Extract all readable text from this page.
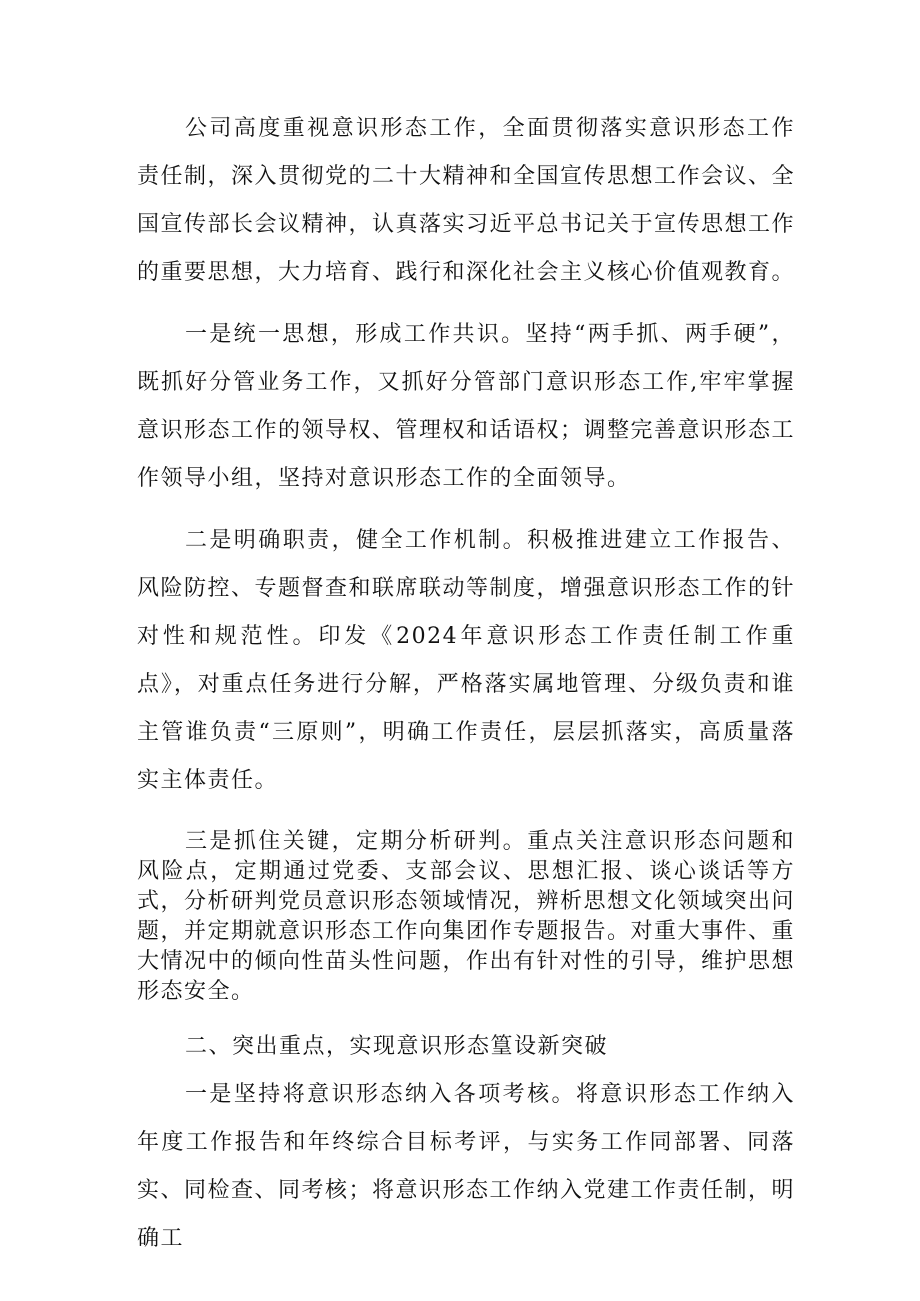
公司高度重视意识形态工作，全面贯彻落实意识形态工作责任制，深入贯彻党的二十大精神和全国宣传思想工作会议、全国宣传部长会议精神，认真落实习近平总书记关于宣传思想工作的重要思想，大力培育、践行和深化社会主义核心价值观教育。

一是统一思想，形成工作共识。坚持“两手抓、两手硬”，既抓好分管业务工作，又抓好分管部门意识形态工作,牢牢掌握意识形态工作的领导权、管理权和话语权；调整完善意识形态工作领导小组，坚持对意识形态工作的全面领导。

二是明确职责，健全工作机制。积极推进建立工作报告、风险防控、专题督查和联席联动等制度，增强意识形态工作的针对性和规范性。印发《2024年意识形态工作责任制工作重点》，对重点任务进行分解，严格落实属地管理、分级负责和谁主管谁负责“三原则”，明确工作责任，层层抓落实，高质量落实主体责任。

三是抓住关键，定期分析研判。重点关注意识形态问题和风险点，定期通过党委、支部会议、思想汇报、谈心谈话等方式，分析研判党员意识形态领域情况，辨析思想文化领域突出问题，并定期就意识形态工作向集团作专题报告。对重大事件、重大情况中的倾向性苗头性问题，作出有针对性的引导，维护思想形态安全。

二、突出重点，实现意识形态篁设新突破

一是坚持将意识形态纳入各项考核。将意识形态工作纳入年度工作报告和年终综合目标考评，与实务工作同部署、同落实、同检查、同考核；将意识形态工作纳入党建工作责任制，明确工
